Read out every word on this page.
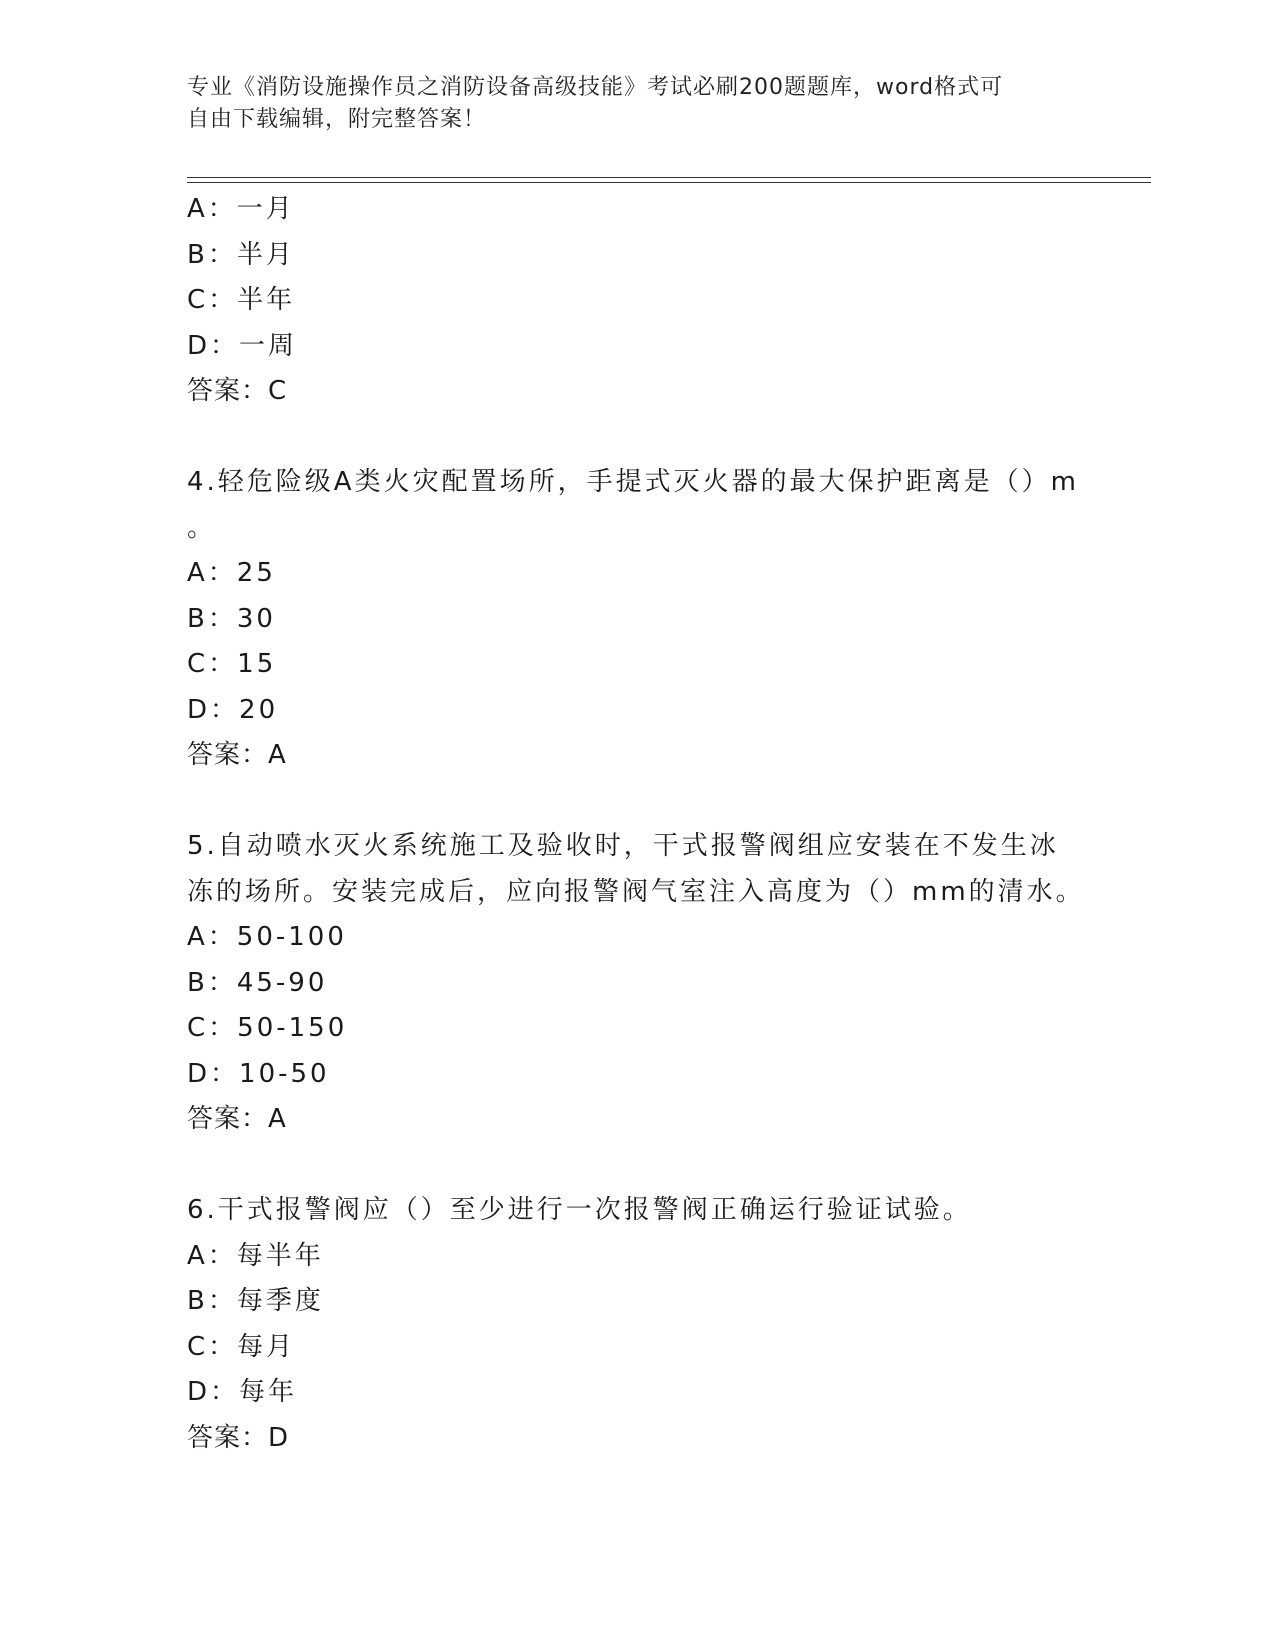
专业《消防设施操作员之消防设备高级技能》考试必刷200题题库，word格式可
自由下载编辑，附完整答案！
A：一月
B：半月
C：半年
D：一周
答案：C
4.轻危险级A类火灾配置场所，手提式灭火器的最大保护距离是（）m
。
A：25
B：30
C：15
D：20
答案：A
5.自动喷水灭火系统施工及验收时，干式报警阀组应安装在不发生冰
冻的场所。安装完成后，应向报警阀气室注入高度为（）mm的清水。
A：50-100
B：45-90
C：50-150
D：10-50
答案：A
6.干式报警阀应（）至少进行一次报警阀正确运行验证试验。
A：每半年
B：每季度
C：每月
D：每年
答案：D
